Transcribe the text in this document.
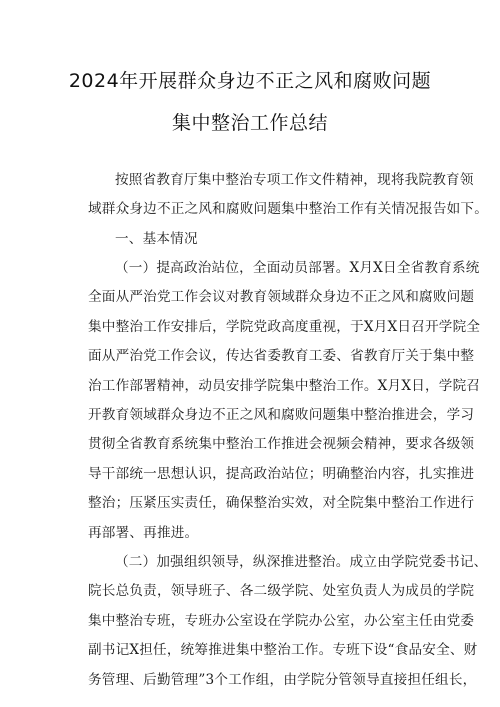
2024年开展群众身边不正之风和腐败问题
集中整治工作总结
按照省教育厅集中整治专项工作文件精神，现将我院教育领
域群众身边不正之风和腐败问题集中整治工作有关情况报告如下。
一、基本情况
（一）提高政治站位，全面动员部署。X月X日全省教育系统
全面从严治党工作会议对教育领域群众身边不正之风和腐败问题
集中整治工作安排后，学院党政高度重视，于X月X日召开学院全
面从严治党工作会议，传达省委教育工委、省教育厅关于集中整
治工作部署精神，动员安排学院集中整治工作。X月X日，学院召
开教育领域群众身边不正之风和腐败问题集中整治推进会，学习
贯彻全省教育系统集中整治工作推进会视频会精神，要求各级领
导干部统一思想认识，提高政治站位；明确整治内容，扎实推进
整治；压紧压实责任，确保整治实效，对全院集中整治工作进行
再部署、再推进。
（二）加强组织领导，纵深推进整治。成立由学院党委书记、
院长总负责，领导班子、各二级学院、处室负责人为成员的学院
集中整治专班，专班办公室设在学院办公室，办公室主任由党委
副书记X担任，统筹推进集中整治工作。专班下设“食品安全、财
务管理、后勤管理”3个工作组，由学院分管领导直接担任组长，
